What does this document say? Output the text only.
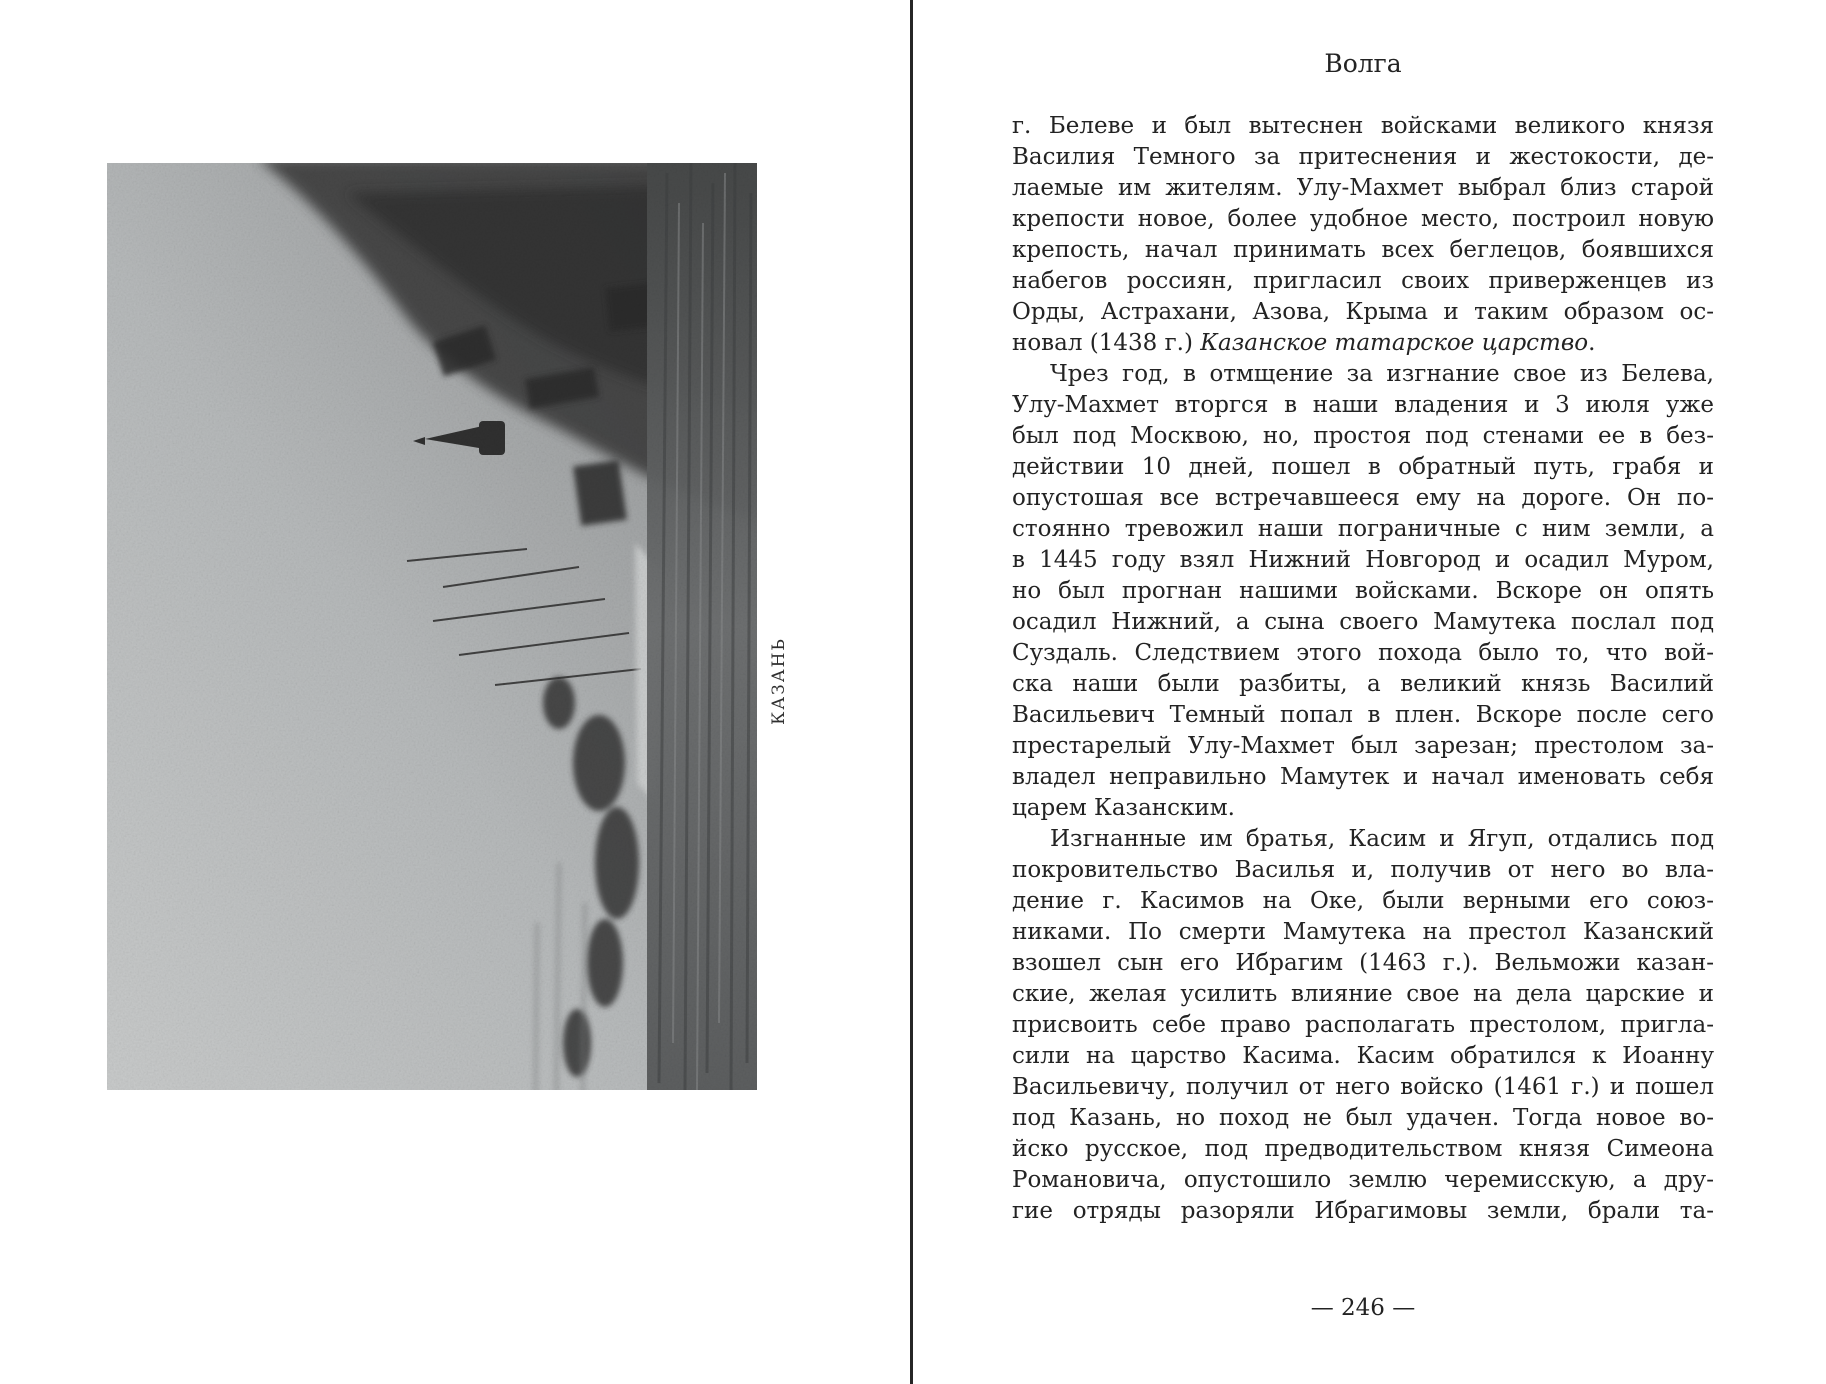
КАЗАНЬ
Волга
г. Белеве и был вытеснен войсками великого князя
Василия Темного за притеснения и жестокости, де-
лаемые им жителям. Улу-Махмет выбрал близ старой
крепости новое, более удобное место, построил новую
крепость, начал принимать всех беглецов, боявшихся
набегов россиян, пригласил своих приверженцев из
Орды, Астрахани, Азова, Крыма и таким образом ос-
новал (1438 г.) Казанское татарское царство.
Чрез год, в отмщение за изгнание свое из Белева,
Улу-Махмет вторгся в наши владения и 3 июля уже
был под Москвою, но, простоя под стенами ее в без-
действии 10 дней, пошел в обратный путь, грабя и
опустошая все встречавшееся ему на дороге. Он по-
стоянно тревожил наши пограничные с ним земли, а
в 1445 году взял Нижний Новгород и осадил Муром,
но был прогнан нашими войсками. Вскоре он опять
осадил Нижний, а сына своего Мамутека послал под
Суздаль. Следствием этого похода было то, что вой-
ска наши были разбиты, а великий князь Василий
Васильевич Темный попал в плен. Вскоре после сего
престарелый Улу-Махмет был зарезан; престолом за-
владел неправильно Мамутек и начал именовать себя
царем Казанским.
Изгнанные им братья, Касим и Ягуп, отдались под
покровительство Василья и, получив от него во вла-
дение г. Касимов на Оке, были верными его союз-
никами. По смерти Мамутека на престол Казанский
взошел сын его Ибрагим (1463 г.). Вельможи казан-
ские, желая усилить влияние свое на дела царские и
присвоить себе право располагать престолом, пригла-
сили на царство Касима. Касим обратился к Иоанну
Васильевичу, получил от него войско (1461 г.) и пошел
под Казань, но поход не был удачен. Тогда новое во-
йско русское, под предводительством князя Симеона
Романовича, опустошило землю черемисскую, а дру-
гие отряды разоряли Ибрагимовы земли, брали та-
— 246 —
